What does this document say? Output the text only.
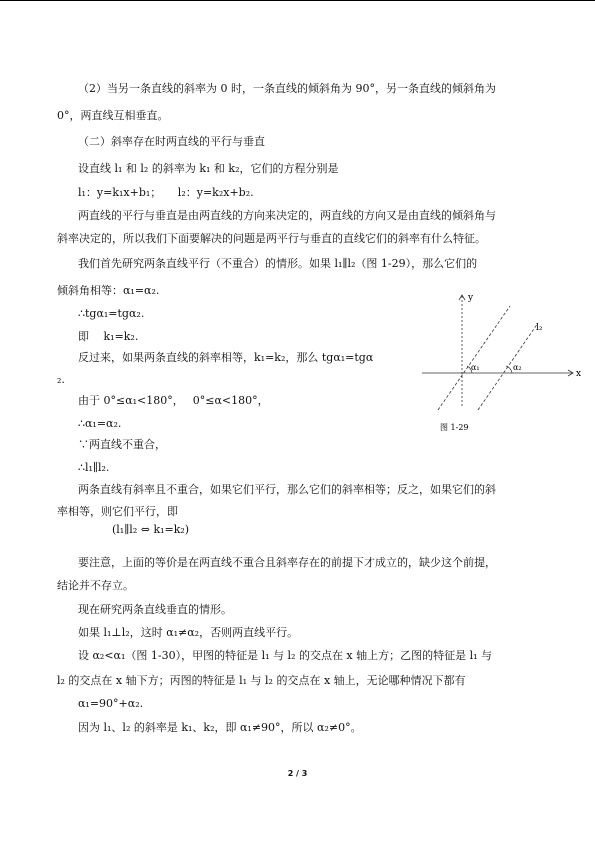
（2）当另一条直线的斜率为 0 时，一条直线的倾斜角为 90°，另一条直线的倾斜角为
0°，两直线互相垂直。
（二）斜率存在时两直线的平行与垂直
设直线 l₁ 和 l₂ 的斜率为 k₁ 和 k₂，它们的方程分别是
l₁：y=k₁x+b₁；　　l₂：y=k₂x+b₂.
两直线的平行与垂直是由两直线的方向来决定的，两直线的方向又是由直线的倾斜角与
斜率决定的，所以我们下面要解决的问题是两平行与垂直的直线它们的斜率有什么特征。
我们首先研究两条直线平行（不重合）的情形。如果 l₁∥l₂（图 1-29），那么它们的
倾斜角相等：α₁=α₂.
∴tgα₁=tgα₂.
即　 k₁=k₂.
反过来，如果两条直线的斜率相等，k₁=k₂，那么 tgα₁=tgα
₂.
由于 0°≤α₁<180°，　 0°≤α<180°，
∴α₁=α₂.
∵两直线不重合，
∴l₁∥l₂.
两条直线有斜率且不重合，如果它们平行，那么它们的斜率相等；反之，如果它们的斜
率相等，则它们平行，即
(l₁∥l₂ ⇔ k₁=k₂)
要注意，上面的等价是在两直线不重合且斜率存在的前提下才成立的，缺少这个前提，
结论并不存立。
现在研究两条直线垂直的情形。
如果 l₁⊥l₂，这时 α₁≠α₂，否则两直线平行。
设 α₂<α₁（图 1-30），甲图的特征是 l₁ 与 l₂ 的交点在 x 轴上方；乙图的特征是 l₁ 与
l₂ 的交点在 x 轴下方；丙图的特征是 l₁ 与 l₂ 的交点在 x 轴上，无论哪种情况下都有
α₁=90°+α₂.
因为 l₁、l₂ 的斜率是 k₁、k₂，即 α₁≠90°，所以 α₂≠0°。
y
x
l₂
α₁	α₂
图 1-29
2 / 3
